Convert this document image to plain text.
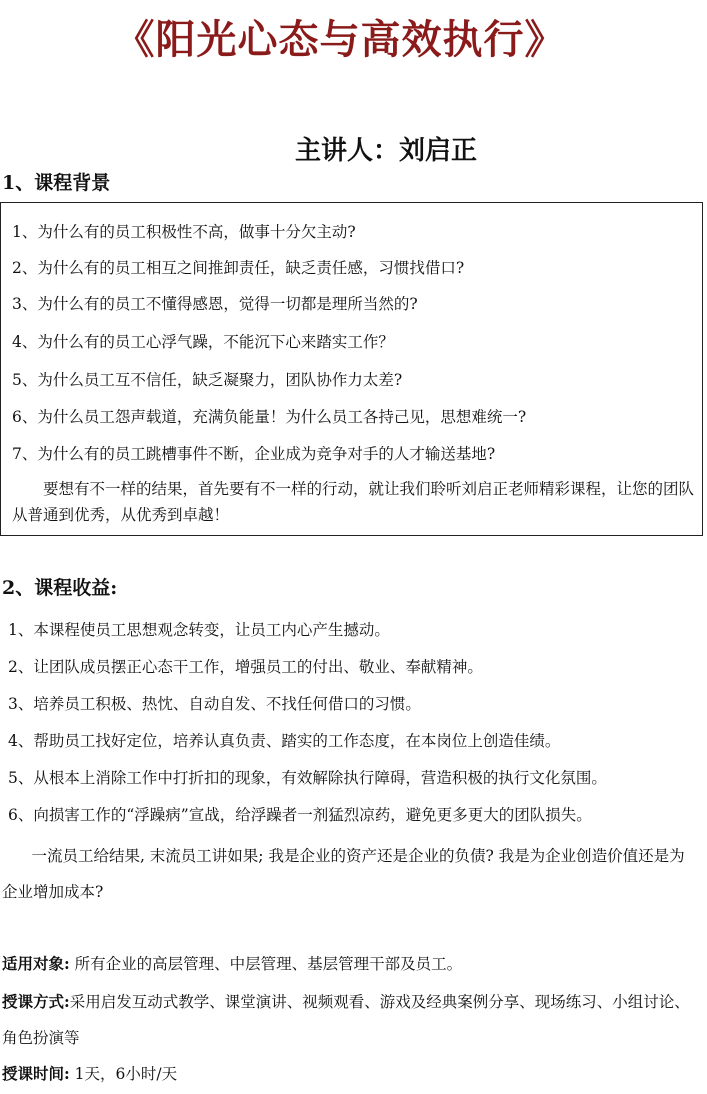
《阳光心态与高效执行》
主讲人：刘启正
1、课程背景
1、为什么有的员工积极性不高，做事十分欠主动?
2、为什么有的员工相互之间推卸责任，缺乏责任感，习惯找借口?
3、为什么有的员工不懂得感恩，觉得一切都是理所当然的?
4、为什么有的员工心浮气躁，不能沉下心来踏实工作？
5、为什么员工互不信任，缺乏凝聚力，团队协作力太差?
6、为什么员工怨声载道，充满负能量！为什么员工各持己见，思想难统一?
7、为什么有的员工跳槽事件不断，企业成为竞争对手的人才输送基地?
要想有不一样的结果，首先要有不一样的行动，就让我们聆听刘启正老师精彩课程，让您的团队从普通到优秀，从优秀到卓越！
2、课程收益:
1、本课程使员工思想观念转变，让员工内心产生撼动。
2、让团队成员摆正心态干工作，增强员工的付出、敬业、奉献精神。
3、培养员工积极、热忱、自动自发、不找任何借口的习惯。
4、帮助员工找好定位，培养认真负责、踏实的工作态度，在本岗位上创造佳绩。
5、从根本上消除工作中打折扣的现象，有效解除执行障碍，营造积极的执行文化氛围。
6、向损害工作的“浮躁病”宣战，给浮躁者一剂猛烈凉药，避免更多更大的团队损失。
一流员工给结果, 末流员工讲如果; 我是企业的资产还是企业的负债? 我是为企业创造价值还是为企业增加成本?
适用对象: 所有企业的高层管理、中层管理、基层管理干部及员工。
授课方式:采用启发互动式教学、课堂演讲、视频观看、游戏及经典案例分享、现场练习、小组讨论、角色扮演等
授课时间: 1天，6小时/天
